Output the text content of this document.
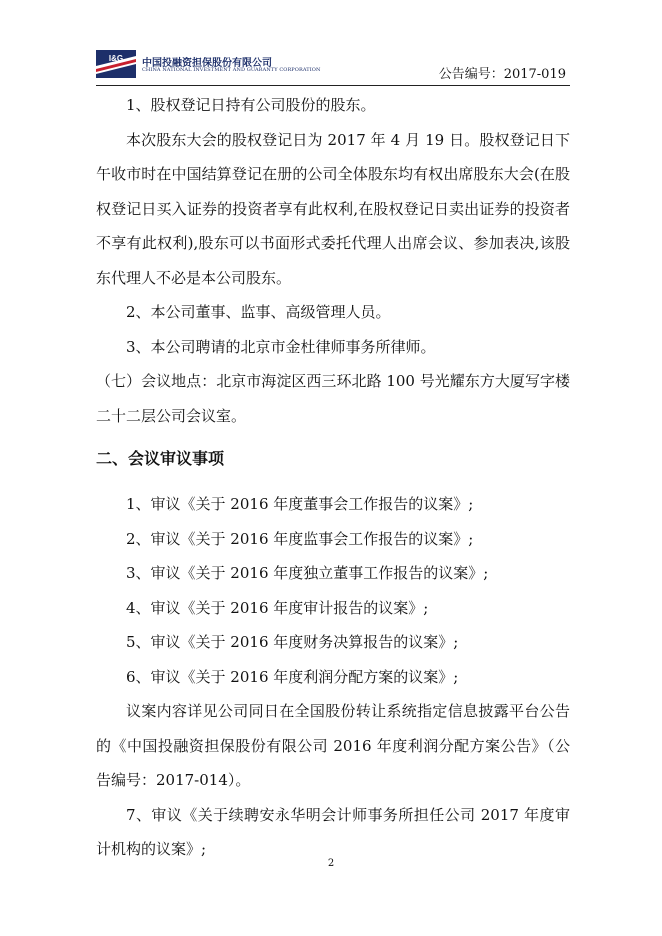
I&G 中国投融资担保股份有限公司
CHINA NATIONAL INVESTMENT AND GUARANTY CORPORATION	公告编号：2017-019

1、股权登记日持有公司股份的股东。

本次股东大会的股权登记日为 2017 年 4 月 19 日。股权登记日下午收市时在中国结算登记在册的公司全体股东均有权出席股东大会(在股权登记日买入证券的投资者享有此权利,在股权登记日卖出证券的投资者不享有此权利),股东可以书面形式委托代理人出席会议、参加表决,该股东代理人不必是本公司股东。

2、本公司董事、监事、高级管理人员。

3、本公司聘请的北京市金杜律师事务所律师。

（七）会议地点：北京市海淀区西三环北路 100 号光耀东方大厦写字楼二十二层公司会议室。

二、会议审议事项

1、审议《关于 2016 年度董事会工作报告的议案》;

2、审议《关于 2016 年度监事会工作报告的议案》;

3、审议《关于 2016 年度独立董事工作报告的议案》;

4、审议《关于 2016 年度审计报告的议案》;

5、审议《关于 2016 年度财务决算报告的议案》;

6、审议《关于 2016 年度利润分配方案的议案》;

议案内容详见公司同日在全国股份转让系统指定信息披露平台公告的《中国投融资担保股份有限公司 2016 年度利润分配方案公告》（公告编号：2017-014）。

7、审议《关于续聘安永华明会计师事务所担任公司 2017 年度审计机构的议案》;

2
